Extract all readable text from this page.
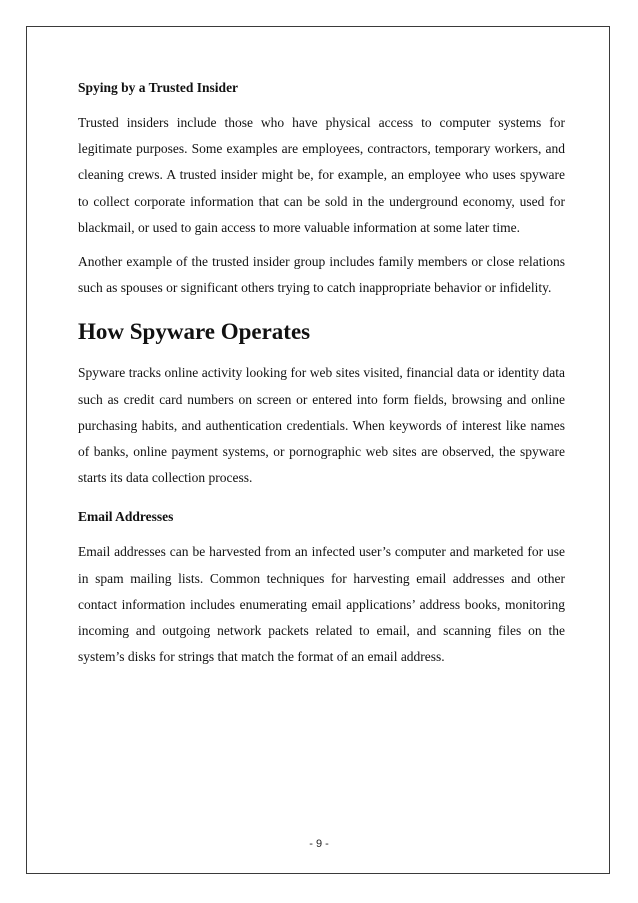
Spying by a Trusted Insider

Trusted insiders include those who have physical access to computer systems for legitimate purposes. Some examples are employees, contractors, temporary workers, and cleaning crews. A trusted insider might be, for example, an employee who uses spyware to collect corporate information that can be sold in the underground economy, used for blackmail, or used to gain access to more valuable information at some later time.

Another example of the trusted insider group includes family members or close relations such as spouses or significant others trying to catch inappropriate behavior or infidelity.

How Spyware Operates

Spyware tracks online activity looking for web sites visited, financial data or identity data such as credit card numbers on screen or entered into form fields, browsing and online purchasing habits, and authentication credentials. When keywords of interest like names of banks, online payment systems, or pornographic web sites are observed, the spyware starts its data collection process.

Email Addresses

Email addresses can be harvested from an infected user’s computer and marketed for use in spam mailing lists. Common techniques for harvesting email addresses and other contact information includes enumerating email applications’ address books, monitoring incoming and outgoing network packets related to email, and scanning files on the system’s disks for strings that match the format of an email address.

- 9 -
